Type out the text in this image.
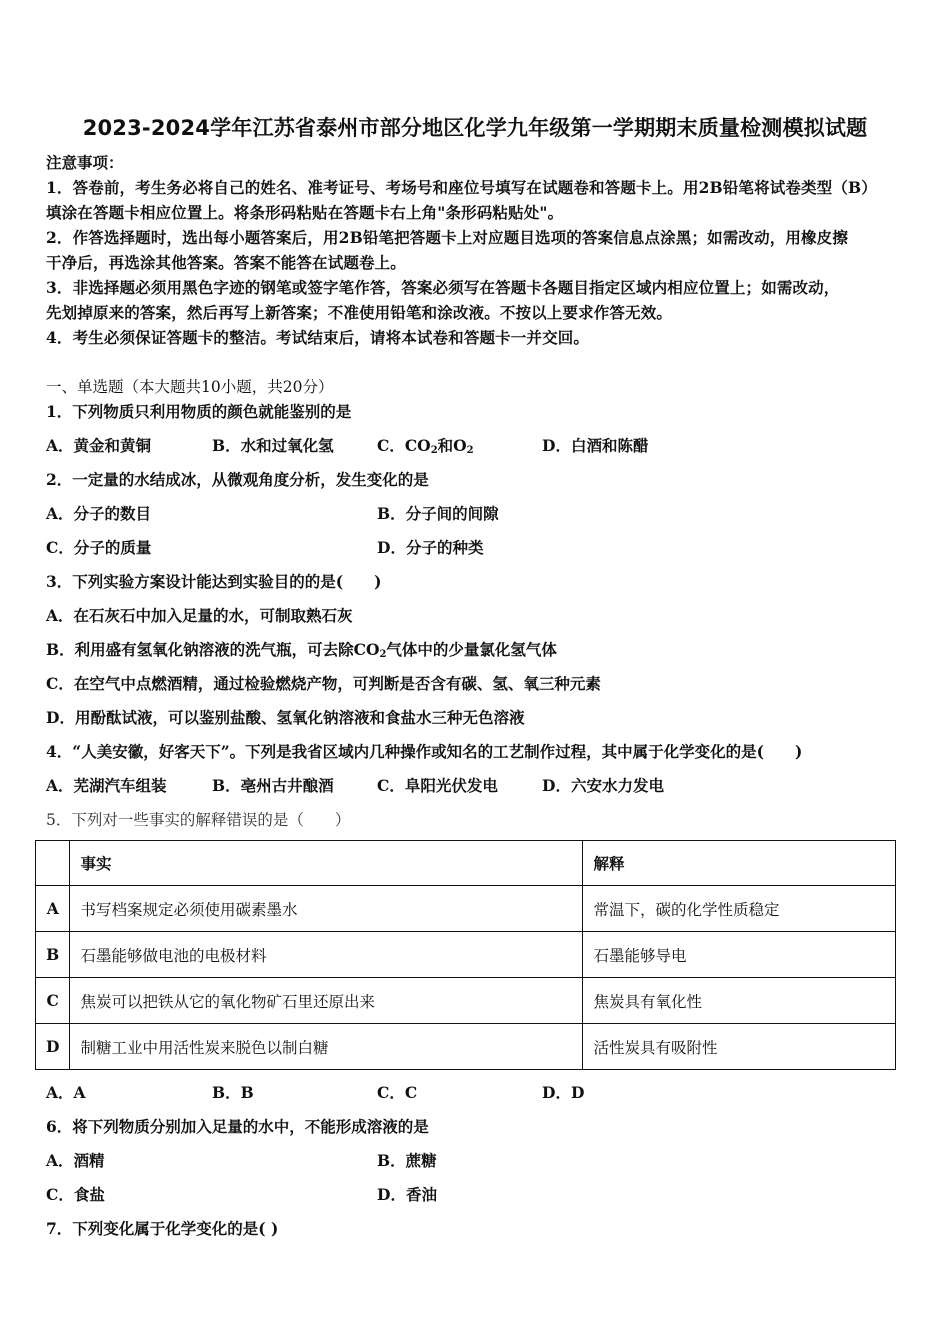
2023-2024学年江苏省泰州市部分地区化学九年级第一学期期末质量检测模拟试题
注意事项：
1．答卷前，考生务必将自己的姓名、准考证号、考场号和座位号填写在试题卷和答题卡上。用2B铅笔将试卷类型（B）
填涂在答题卡相应位置上。将条形码粘贴在答题卡右上角"条形码粘贴处"。
2．作答选择题时，选出每小题答案后，用2B铅笔把答题卡上对应题目选项的答案信息点涂黑；如需改动，用橡皮擦
干净后，再选涂其他答案。答案不能答在试题卷上。
3．非选择题必须用黑色字迹的钢笔或签字笔作答，答案必须写在答题卡各题目指定区域内相应位置上；如需改动，
先划掉原来的答案，然后再写上新答案；不准使用铅笔和涂改液。不按以上要求作答无效。
4．考生必须保证答题卡的整洁。考试结束后，请将本试卷和答题卡一并交回。
一、单选题（本大题共10小题，共20分）
1．下列物质只利用物质的颜色就能鉴别的是
A．黄金和黄铜	B．水和过氧化氢	C．$CO_2$和$O_2$	D．白酒和陈醋
2．一定量的水结成冰，从微观角度分析，发生变化的是
A．分子的数目	B．分子间的间隙
C．分子的质量	D．分子的种类
3．下列实验方案设计能达到实验目的的是(　　)
A．在石灰石中加入足量的水，可制取熟石灰
B．利用盛有氢氧化钠溶液的洗气瓶，可去除$CO_2$气体中的少量氯化氢气体
C．在空气中点燃酒精，通过检验燃烧产物，可判断是否含有碳、氢、氧三种元素
D．用酚酞试液，可以鉴别盐酸、氢氧化钠溶液和食盐水三种无色溶液
4．“人美安徽，好客天下”。下列是我省区域内几种操作或知名的工艺制作过程，其中属于化学变化的是(　　)
A．芜湖汽车组装	B．亳州古井酿酒	C．阜阳光伏发电	D．六安水力发电
5．下列对一些事实的解释错误的是（　　）
	事实	解释
A	书写档案规定必须使用碳素墨水	常温下，碳的化学性质稳定
B	石墨能够做电池的电极材料	石墨能够导电
C	焦炭可以把铁从它的氧化物矿石里还原出来	焦炭具有氧化性
D	制糖工业中用活性炭来脱色以制白糖	活性炭具有吸附性
A．A	B．B	C．C	D．D
6．将下列物质分别加入足量的水中，不能形成溶液的是
A．酒精	B．蔗糖
C．食盐	D．香油
7．下列变化属于化学变化的是( )
